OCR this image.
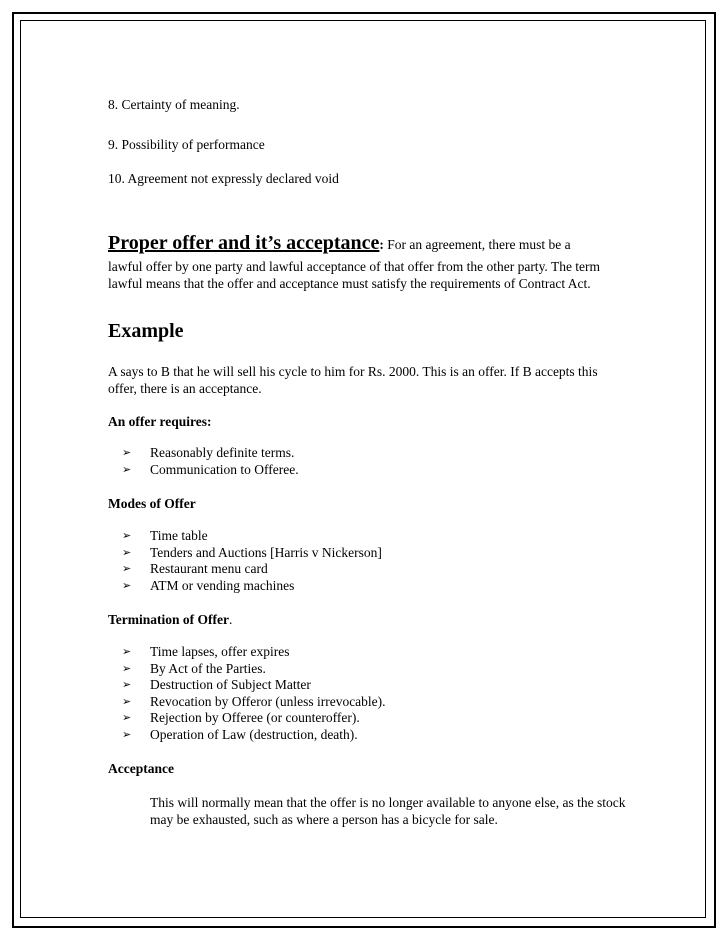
8. Certainty of meaning.
9. Possibility of performance
10. Agreement not expressly declared void
Proper offer and it’s acceptance: For an agreement, there must be a
lawful offer by one party and lawful acceptance of that offer from the other party. The term lawful means that the offer and acceptance must satisfy the requirements of Contract Act.
Example
A says to B that he will sell his cycle to him for Rs. 2000. This is an offer. If B accepts this offer, there is an acceptance.
An offer requires:
➢	Reasonably definite terms.
➢	Communication to Offeree.
Modes of Offer
➢	Time table
➢	Tenders and Auctions [Harris v Nickerson]
➢	Restaurant menu card
➢	ATM or vending machines
Termination of Offer.
➢	Time lapses, offer expires
➢	By Act of the Parties.
➢	Destruction of Subject Matter
➢	Revocation by Offeror (unless irrevocable).
➢	Rejection by Offeree (or counteroffer).
➢	Operation of Law (destruction, death).
Acceptance
This will normally mean that the offer is no longer available to anyone else, as the stock may be exhausted, such as where a person has a bicycle for sale.
